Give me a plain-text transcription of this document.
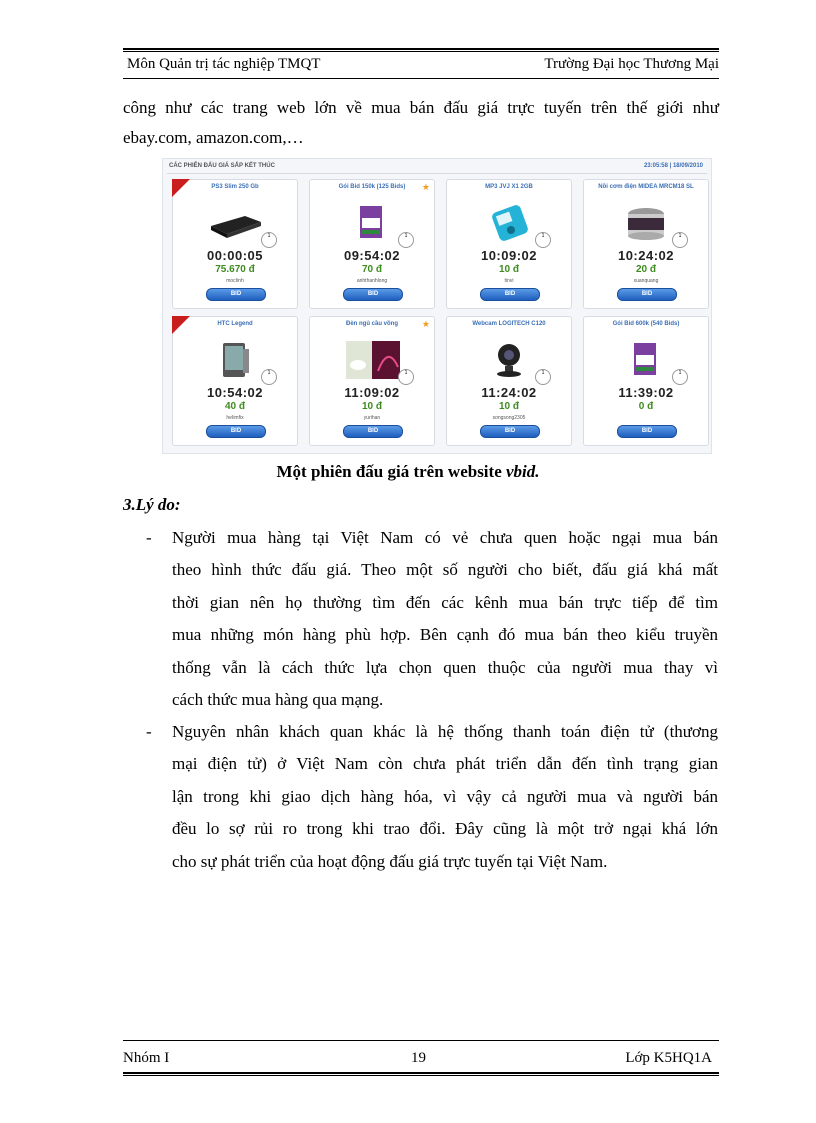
Môn Quản trị tác nghiệp TMQT	Trường Đại học Thương Mại
công như các trang web lớn về mua bán đấu giá trực tuyến trên thế giới như
ebay.com, amazon.com,…
CÁC PHIÊN ĐẤU GIÁ SẮP KẾT THÚC	23:05:58 | 18/09/2010
PS3 Slim 250 Gb
1
00:00:05
75.670 đ
mocIinh
BID
★
Gói Bid 150k (125 Bids)
1
09:54:02
70 đ
anhthanhlong
BID
MP3 JVJ X1 2GB
1
10:09:02
10 đ
tinvi
BID
Nồi cơm điện MIDEA MRCM18 SL
1
10:24:02
20 đ
xuanquang
BID
HTC Legend
1
10:54:02
40 đ
heIimfix
BID
★
Đèn ngủ cầu vồng
1
11:09:02
10 đ
yurihan
BID
Webcam LOGITECH C120
1
11:24:02
10 đ
songsong2305
BID
Gói Bid 600k (540 Bids)
1
11:39:02
0 đ
BID
Một phiên đấu giá trên website vbid.
3.Lý do:
- Người mua hàng tại Việt Nam có vẻ chưa quen hoặc ngại mua bán
theo hình thức đấu giá. Theo một số người cho biết, đấu giá khá mất
thời gian nên họ thường tìm đến các kênh mua bán trực tiếp để tìm
mua những món hàng phù hợp. Bên cạnh đó mua bán theo kiểu truyền
thống vẫn là cách thức lựa chọn quen thuộc của người mua thay vì
cách thức mua hàng qua mạng.
- Nguyên nhân khách quan khác là hệ thống thanh toán điện tử (thương
mại điện tử) ở Việt Nam còn chưa phát triển dẫn đến tình trạng gian
lận trong khi giao dịch hàng hóa, vì vậy cả người mua và người bán
đều lo sợ rủi ro trong khi trao đổi. Đây cũng là một trở ngại khá lớn
cho sự phát triển của hoạt động đấu giá trực tuyến tại Việt Nam.
Nhóm I	19	Lớp K5HQ1A
